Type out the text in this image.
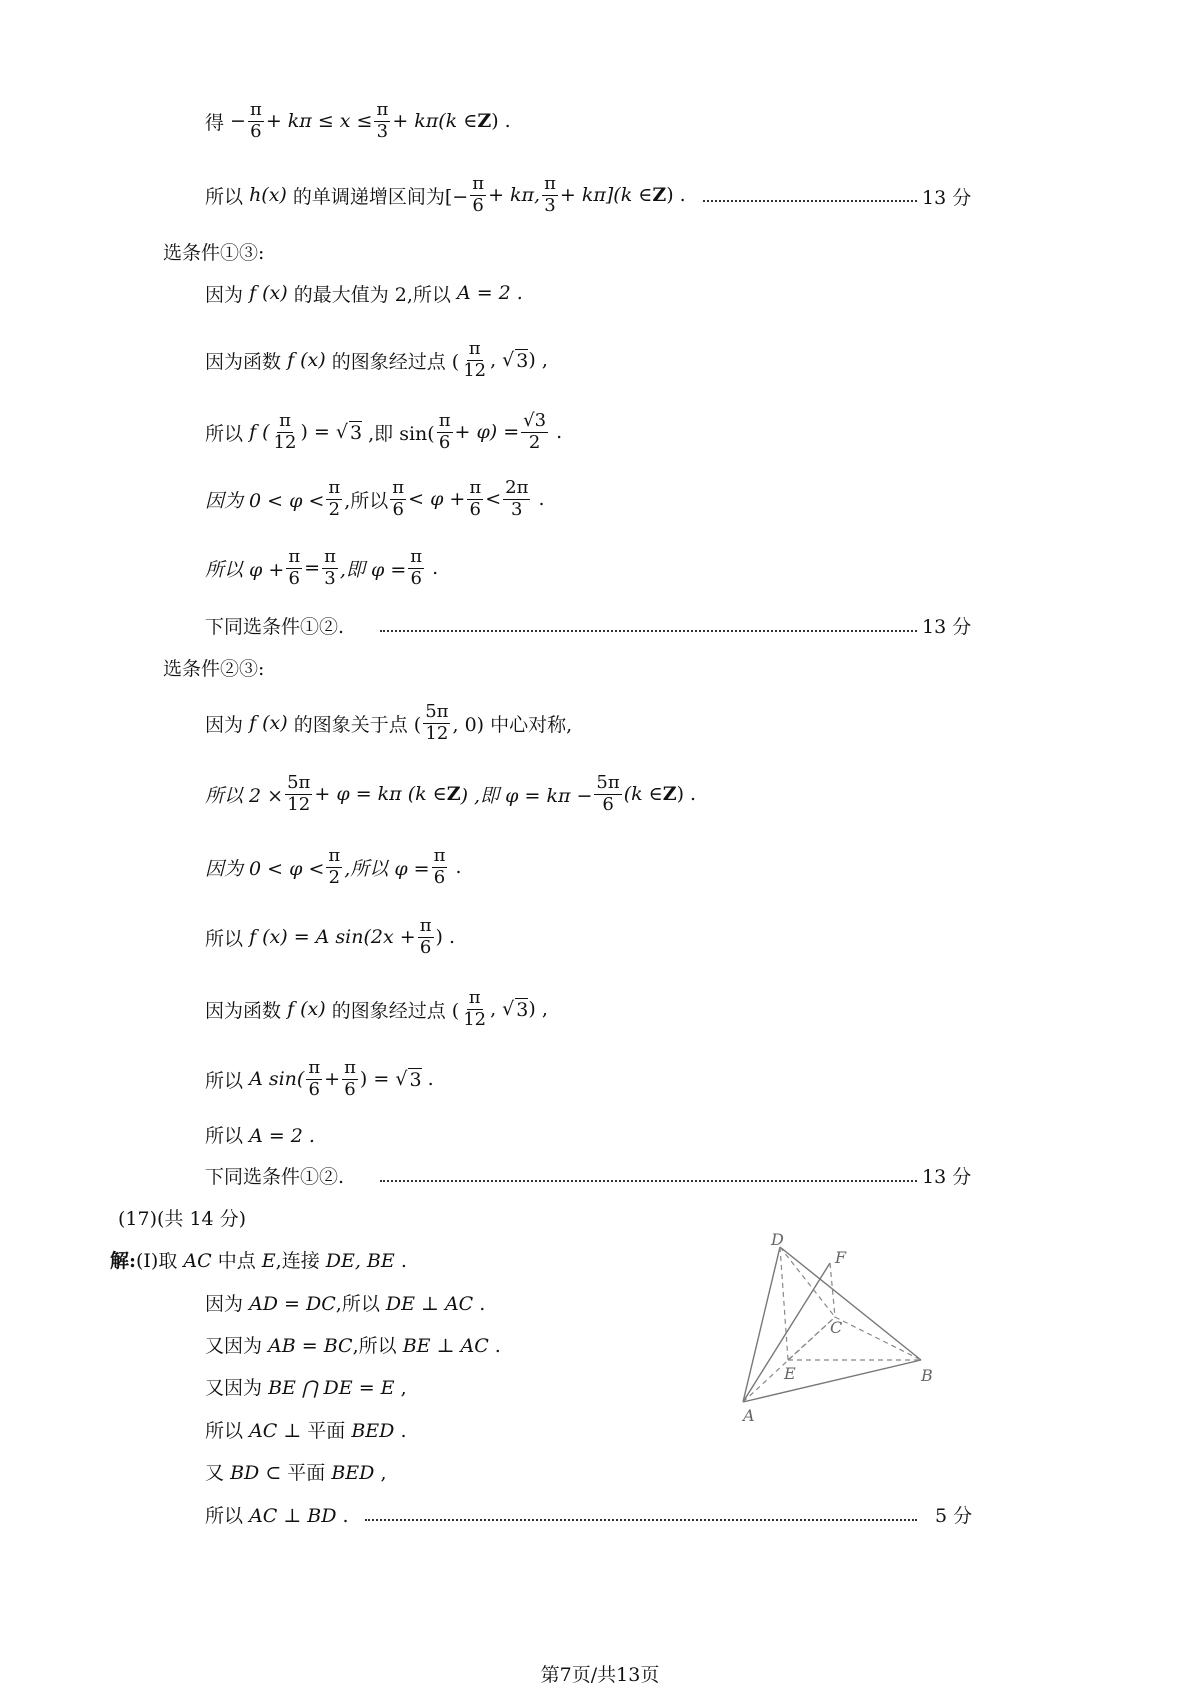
得 − $\frac{\pi}{6} + k\pi \le x \le \frac{\pi}{3} + k\pi(k$ ∈ Z ) .
所以
h(x)
的单调递增区间为[− $\frac{\pi}{6} + k\pi$, $\frac{\pi}{3} + k\pi](k$ ∈ Z ) .	13 分
选条件①③:
因为
f (x)
的最大值为 2,所以
A = 2 .
因为函数
f (x)
的图象经过点 ( $\frac{\pi}{12}$ , √ 3 ) ,
所以
f ( $\frac{\pi}{12}$ ) = √ 3
,即 $\sin( \frac{\pi}{6} + \varphi) = \frac{√3}{2}$
.
因为 $0 < \varphi < \frac{\pi}{2}$ ,所以 $\frac{\pi}{6} < \varphi + \frac{\pi}{6} < \frac{2\pi}{3}$
.
所以 $\varphi + \frac{\pi}{6} = \frac{\pi}{3}$ ,即 $\varphi = \frac{\pi}{6}$
.
下同选条件①②.	13 分
选条件②③:
因为
f (x)
的图象关于点 ( $\frac{5\pi}{12}$ , 0) 中心对称,
所以 $2 \times \frac{5\pi}{12} + \varphi = k\pi$ (k ∈ Z ) ,即 $\varphi = k\pi - \frac{5\pi}{6} (k$ ∈ Z ) .
因为 $0 < \varphi < \frac{\pi}{2}$ ,所以 $\varphi = \frac{\pi}{6}$
.
所以
f (x) = A $\sin(2x + \frac{\pi}{6}$ ) .
因为函数
f (x)
的图象经过点 ( $\frac{\pi}{12}$ , √ 3 ) ,
所以
A $\sin( \frac{\pi}{6} + \frac{\pi}{6}$ ) = √ 3
.
所以 A = 2 .
下同选条件①②.	13 分
(17)(共 14 分)
解:(Ⅰ)取 AC 中点 E,连接 DE, BE .
因为 AD = DC,所以 DE ⊥ AC .
又因为 AB = BC,所以 BE ⊥ AC .
又因为 BE ⋂ DE = E ,
所以 AC ⊥ 平面 BED .
又 BD ⊂ 平面 BED ,
所以 AC ⊥ BD .	5 分
D
F
C
E	B
A
第7页/共13页
